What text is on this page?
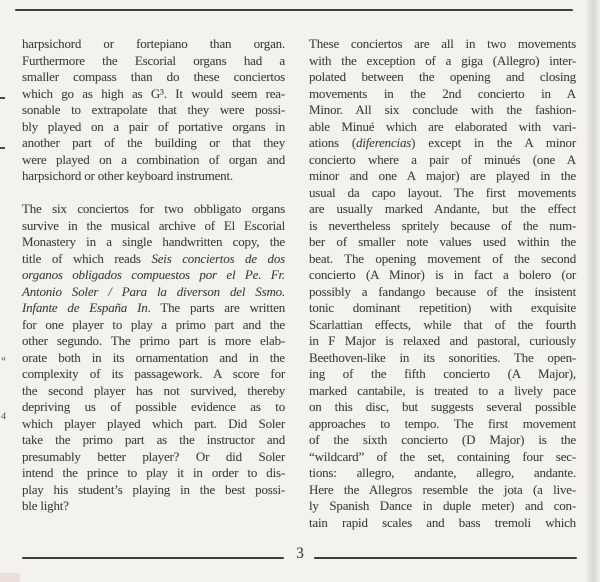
harpsichord or fortepiano than organ.
Furthermore the Escorial organs had a
smaller compass than do these conciertos
which go as high as G³. It would seem rea-
sonable to extrapolate that they were possi-
bly played on a pair of portative organs in
another part of the building or that they
were played on a combination of organ and
harpsichord or other keyboard instrument.
The six conciertos for two obbligato organs
survive in the musical archive of El Escorial
Monastery in a single handwritten copy, the
title of which reads Seis conciertos de dos
organos obligados compuestos por el Pe. Fr.
Antonio Soler / Para la diverson del Ssmo.
Infante de España In. The parts are written
for one player to play a primo part and the
other segundo. The primo part is more elab-
orate both in its ornamentation and in the
complexity of its passagework. A score for
the second player has not survived, thereby
depriving us of possible evidence as to
which player played which part. Did Soler
take the primo part as the instructor and
presumably better player? Or did Soler
intend the prince to play it in order to dis-
play his student’s playing in the best possi-
ble light?
These conciertos are all in two movements
with the exception of a giga (Allegro) inter-
polated between the opening and closing
movements in the 2nd concierto in A
Minor. All six conclude with the fashion-
able Minué which are elaborated with vari-
ations (diferencias) except in the A minor
concierto where a pair of minués (one A
minor and one A major) are played in the
usual da capo layout. The first movements
are usually marked Andante, but the effect
is nevertheless spritely because of the num-
ber of smaller note values used within the
beat. The opening movement of the second
concierto (A Minor) is in fact a bolero (or
possibly a fandango because of the insistent
tonic dominant repetition) with exquisite
Scarlattian effects, while that of the fourth
in F Major is relaxed and pastoral, curiously
Beethoven-like in its sonorities. The open-
ing of the fifth concierto (A Major),
marked cantabile, is treated to a lively pace
on this disc, but suggests several possible
approaches to tempo. The first movement
of the sixth concierto (D Major) is the
“wildcard” of the set, containing four sec-
tions: allegro, andante, allegro, andante.
Here the Allegros resemble the jota (a live-
ly Spanish Dance in duple meter) and con-
tain rapid scales and bass tremoli which
3
«
4
